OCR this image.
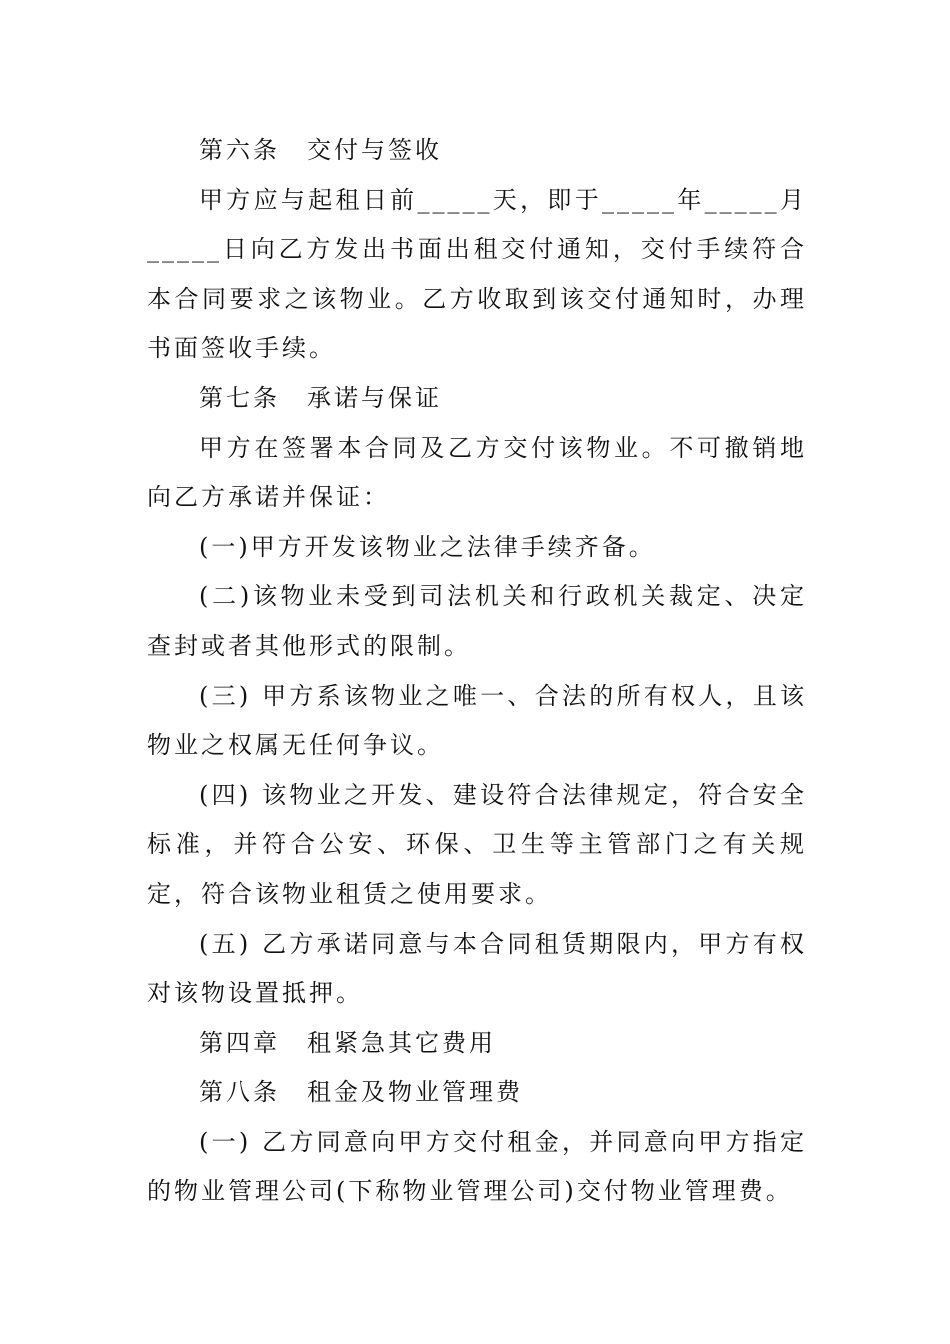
第六条　交付与签收

甲方应与起租日前_____天，即于_____年_____月_____日向乙方发出书面出租交付通知，交付手续符合本合同要求之该物业。乙方收取到该交付通知时，办理书面签收手续。

第七条　承诺与保证

甲方在签署本合同及乙方交付该物业。不可撤销地向乙方承诺并保证：

(一)甲方开发该物业之法律手续齐备。

(二)该物业未受到司法机关和行政机关裁定、决定查封或者其他形式的限制。

(三) 甲方系该物业之唯一、合法的所有权人，且该物业之权属无任何争议。

(四) 该物业之开发、建设符合法律规定，符合安全标准，并符合公安、环保、卫生等主管部门之有关规定，符合该物业租赁之使用要求。

(五) 乙方承诺同意与本合同租赁期限内，甲方有权对该物设置抵押。

第四章　租紧急其它费用

第八条　租金及物业管理费

(一) 乙方同意向甲方交付租金，并同意向甲方指定的物业管理公司(下称物业管理公司)交付物业管理费。
